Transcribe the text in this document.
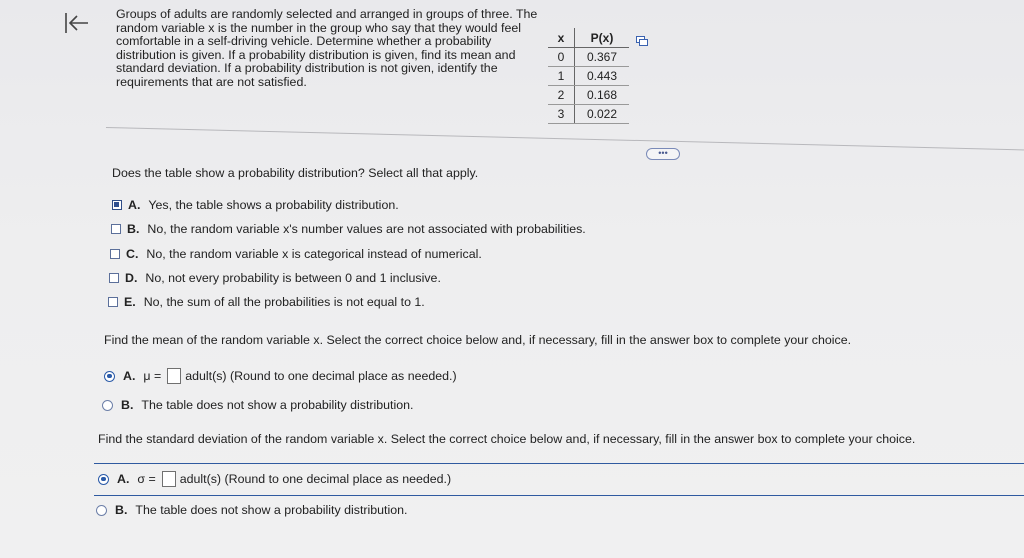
Groups of adults are randomly selected and arranged in groups of three. The random variable x is the number in the group who say that they would feel comfortable in a self-driving vehicle. Determine whether a probability distribution is given. If a probability distribution is given, find its mean and standard deviation. If a probability distribution is not given, identify the requirements that are not satisfied.
x	P(x)
0	0.367
1	0.443
2	0.168
3	0.022
•••
Does the table show a probability distribution? Select all that apply.
A. Yes, the table shows a probability distribution.
B. No, the random variable x's number values are not associated with probabilities.
C. No, the random variable x is categorical instead of numerical.
D. No, not every probability is between 0 and 1 inclusive.
E. No, the sum of all the probabilities is not equal to 1.
Find the mean of the random variable x. Select the correct choice below and, if necessary, fill in the answer box to complete your choice.
A. μ = adult(s) (Round to one decimal place as needed.)
B. The table does not show a probability distribution.
Find the standard deviation of the random variable x. Select the correct choice below and, if necessary, fill in the answer box to complete your choice.
A. σ = adult(s) (Round to one decimal place as needed.)
B. The table does not show a probability distribution.
